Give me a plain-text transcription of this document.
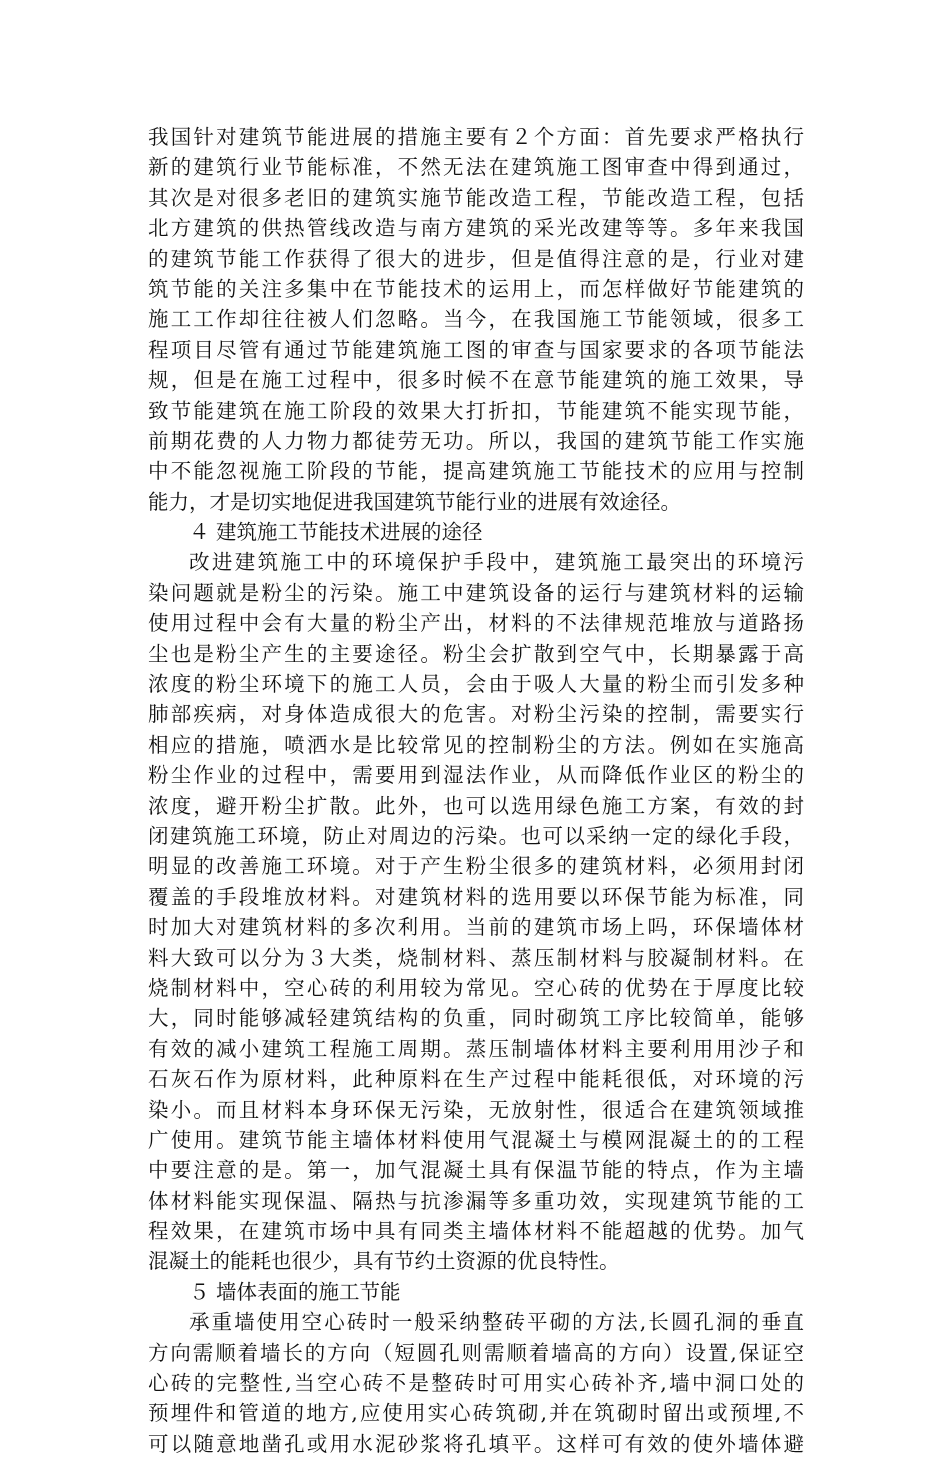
我国针对建筑节能进展的措施主要有２个方面：首先要求严格执行
新的建筑行业节能标准，不然无法在建筑施工图审查中得到通过，
其次是对很多老旧的建筑实施节能改造工程，节能改造工程，包括
北方建筑的供热管线改造与南方建筑的采光改建等等。多年来我国
的建筑节能工作获得了很大的进步，但是值得注意的是，行业对建
筑节能的关注多集中在节能技术的运用上，而怎样做好节能建筑的
施工工作却往往被人们忽略。当今，在我国施工节能领域，很多工
程项目尽管有通过节能建筑施工图的审查与国家要求的各项节能法
规，但是在施工过程中，很多时候不在意节能建筑的施工效果，导
致节能建筑在施工阶段的效果大打折扣，节能建筑不能实现节能，
前期花费的人力物力都徒劳无功。所以，我国的建筑节能工作实施
中不能忽视施工阶段的节能，提高建筑施工节能技术的应用与控制
能力，才是切实地促进我国建筑节能行业的进展有效途径。
４ 建筑施工节能技术进展的途径
改进建筑施工中的环境保护手段中，建筑施工最突出的环境污
染问题就是粉尘的污染。施工中建筑设备的运行与建筑材料的运输
使用过程中会有大量的粉尘产出，材料的不法律规范堆放与道路扬
尘也是粉尘产生的主要途径。粉尘会扩散到空气中，长期暴露于高
浓度的粉尘环境下的施工人员，会由于吸人大量的粉尘而引发多种
肺部疾病，对身体造成很大的危害。对粉尘污染的控制，需要实行
相应的措施，喷洒水是比较常见的控制粉尘的方法。例如在实施高
粉尘作业的过程中，需要用到湿法作业，从而降低作业区的粉尘的
浓度，避开粉尘扩散。此外，也可以选用绿色施工方案，有效的封
闭建筑施工环境，防止对周边的污染。也可以采纳一定的绿化手段，
明显的改善施工环境。对于产生粉尘很多的建筑材料，必须用封闭
覆盖的手段堆放材料。对建筑材料的选用要以环保节能为标准，同
时加大对建筑材料的多次利用。当前的建筑市场上吗，环保墙体材
料大致可以分为３大类，烧制材料、蒸压制材料与胶凝制材料。在
烧制材料中，空心砖的利用较为常见。空心砖的优势在于厚度比较
大，同时能够减轻建筑结构的负重，同时砌筑工序比较简单，能够
有效的减小建筑工程施工周期。蒸压制墙体材料主要利用用沙子和
石灰石作为原材料，此种原料在生产过程中能耗很低，对环境的污
染小。而且材料本身环保无污染，无放射性，很适合在建筑领域推
广使用。建筑节能主墙体材料使用气混凝土与模网混凝土的的工程
中要注意的是。第一，加气混凝土具有保温节能的特点，作为主墙
体材料能实现保温、隔热与抗渗漏等多重功效，实现建筑节能的工
程效果，在建筑市场中具有同类主墙体材料不能超越的优势。加气
混凝土的能耗也很少，具有节约土资源的优良特性。
５ 墙体表面的施工节能
承重墙使用空心砖时一般采纳整砖平砌的方法,长圆孔洞的垂直
方向需顺着墙长的方向（短圆孔则需顺着墙高的方向）设置,保证空
心砖的完整性,当空心砖不是整砖时可用实心砖补齐,墙中洞口处的
预埋件和管道的地方,应使用实心砖筑砌,并在筑砌时留出或预埋,不
可以随意地凿孔或用水泥砂浆将孔填平。这样可有效的使外墙体避
